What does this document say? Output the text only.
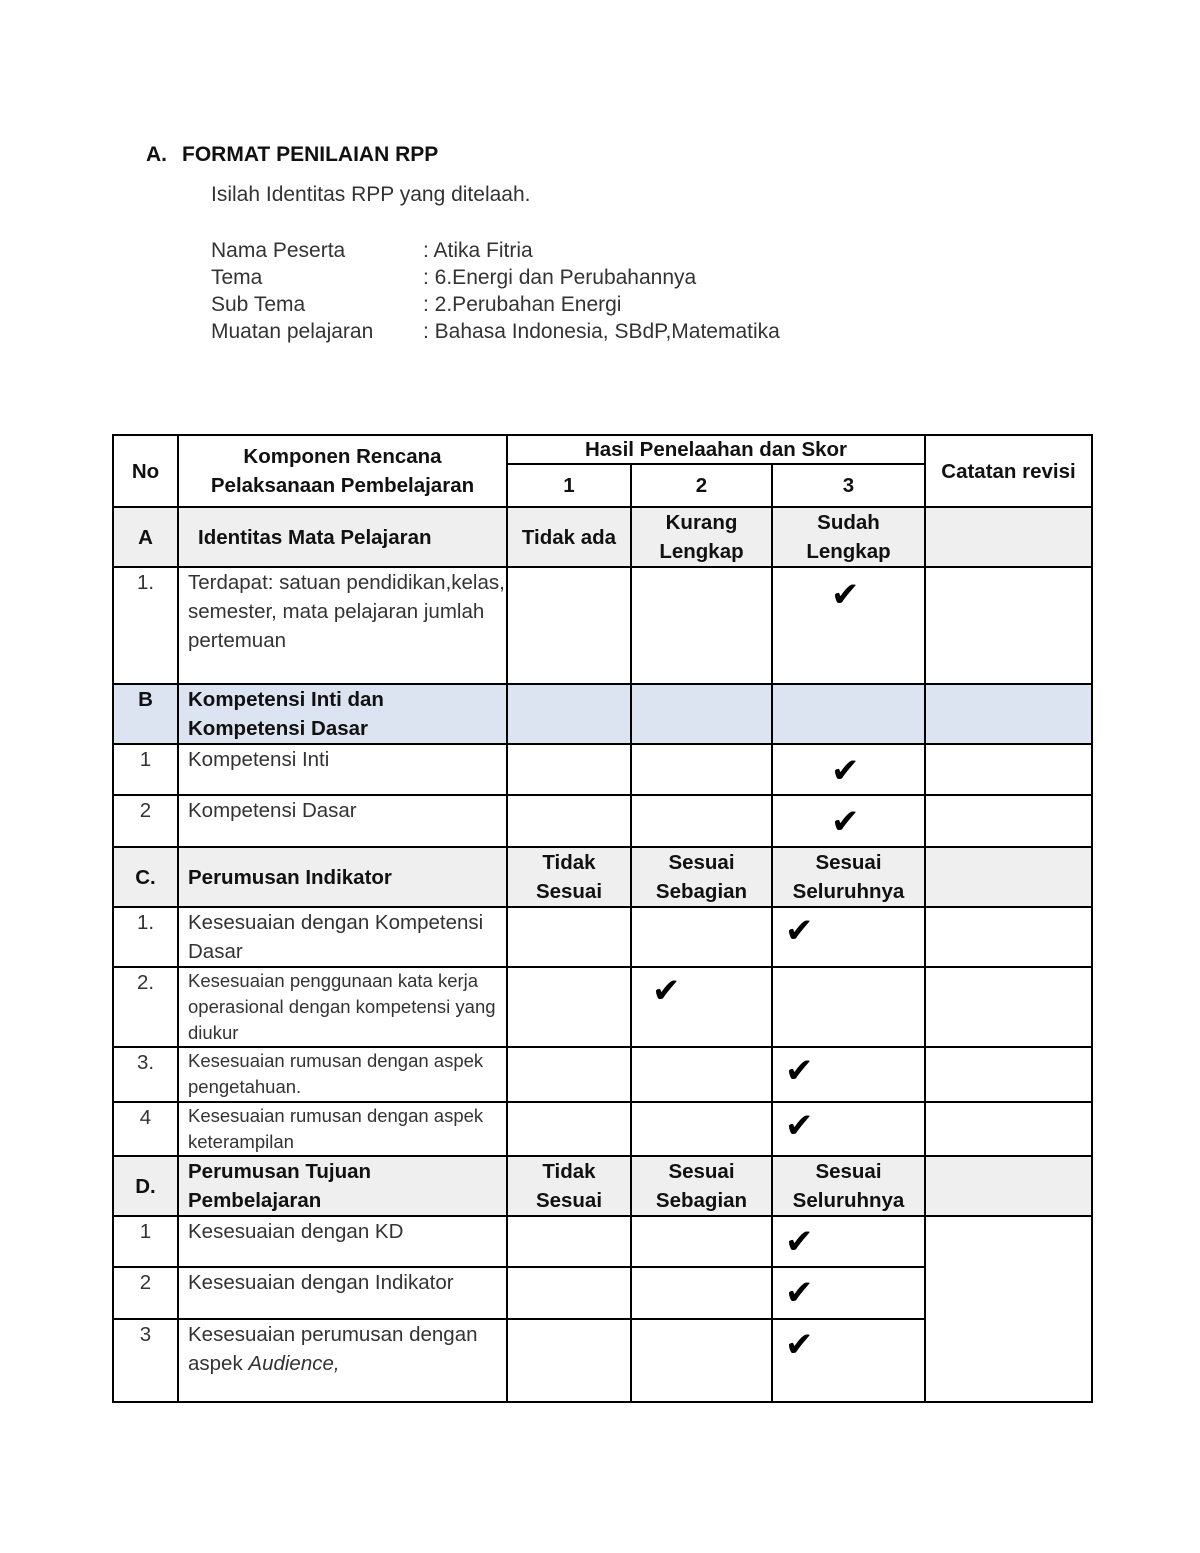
A. FORMAT PENILAIAN RPP
Isilah Identitas RPP yang ditelaah.
Nama Peserta	: Atika Fitria
Tema	: 6.Energi dan Perubahannya
Sub Tema	: 2.Perubahan Energi
Muatan pelajaran : Bahasa Indonesia, SBdP,Matematika
No	Komponen Rencana Pelaksanaan Pembelajaran	Hasil Penelaahan dan Skor			Catatan revisi
		1	2	3	
A	Identitas Mata Pelajaran	Tidak ada	Kurang Lengkap	Sudah Lengkap	
1.	Terdapat: satuan pendidikan,kelas, semester, mata pelajaran jumlah pertemuan			✔	
B	Kompetensi Inti dan Kompetensi Dasar				
1	Kompetensi Inti			✔	
2	Kompetensi Dasar			✔	
C.	Perumusan Indikator	Tidak Sesuai	Sesuai Sebagian	Sesuai Seluruhnya	
1.	Kesesuaian dengan Kompetensi Dasar			✔	
2.	Kesesuaian penggunaan kata kerja operasional dengan kompetensi yang diukur		✔		
3.	Kesesuaian rumusan dengan aspek pengetahuan.			✔	
4	Kesesuaian rumusan dengan aspek keterampilan			✔	
D.	Perumusan Tujuan Pembelajaran	Tidak Sesuai	Sesuai Sebagian	Sesuai Seluruhnya	
1	Kesesuaian dengan KD			✔	
2	Kesesuaian dengan Indikator			✔	
3	Kesesuaian perumusan dengan aspek Audience,			✔	
